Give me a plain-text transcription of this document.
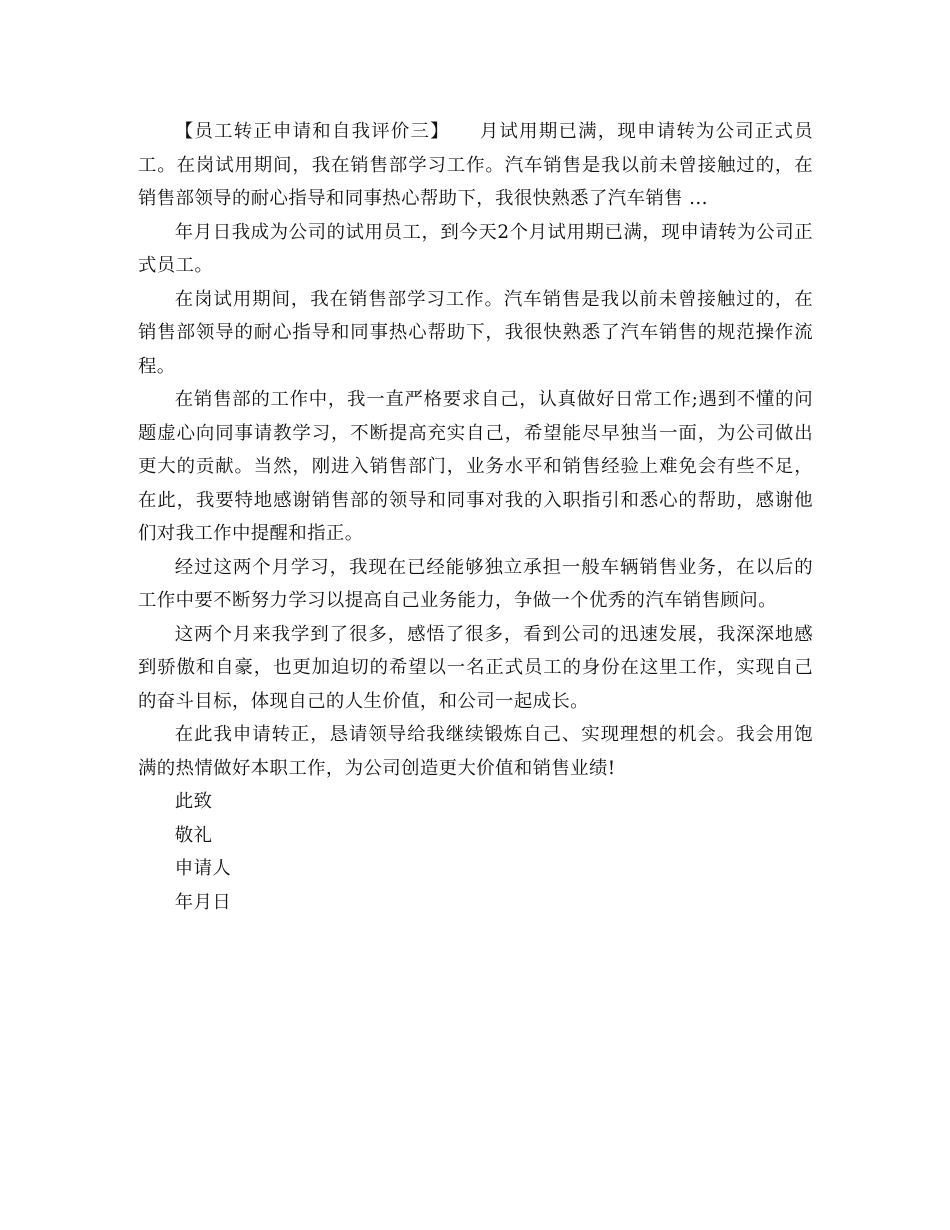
【员工转正申请和自我评价三】　　月试用期已满，现申请转为公司正式员工。在岗试用期间，我在销售部学习工作。汽车销售是我以前未曾接触过的，在销售部领导的耐心指导和同事热心帮助下，我很快熟悉了汽车销售 ...

年月日我成为公司的试用员工，到今天2个月试用期已满，现申请转为公司正式员工。

在岗试用期间，我在销售部学习工作。汽车销售是我以前未曾接触过的，在销售部领导的耐心指导和同事热心帮助下，我很快熟悉了汽车销售的规范操作流程。

在销售部的工作中，我一直严格要求自己，认真做好日常工作;遇到不懂的问题虚心向同事请教学习，不断提高充实自己，希望能尽早独当一面，为公司做出更大的贡献。当然，刚进入销售部门，业务水平和销售经验上难免会有些不足，在此，我要特地感谢销售部的领导和同事对我的入职指引和悉心的帮助，感谢他们对我工作中提醒和指正。

经过这两个月学习，我现在已经能够独立承担一般车辆销售业务，在以后的工作中要不断努力学习以提高自己业务能力，争做一个优秀的汽车销售顾问。

这两个月来我学到了很多，感悟了很多，看到公司的迅速发展，我深深地感到骄傲和自豪，也更加迫切的希望以一名正式员工的身份在这里工作，实现自己的奋斗目标，体现自己的人生价值，和公司一起成长。

在此我申请转正，恳请领导给我继续锻炼自己、实现理想的机会。我会用饱满的热情做好本职工作，为公司创造更大价值和销售业绩!

此致

敬礼

申请人

年月日
